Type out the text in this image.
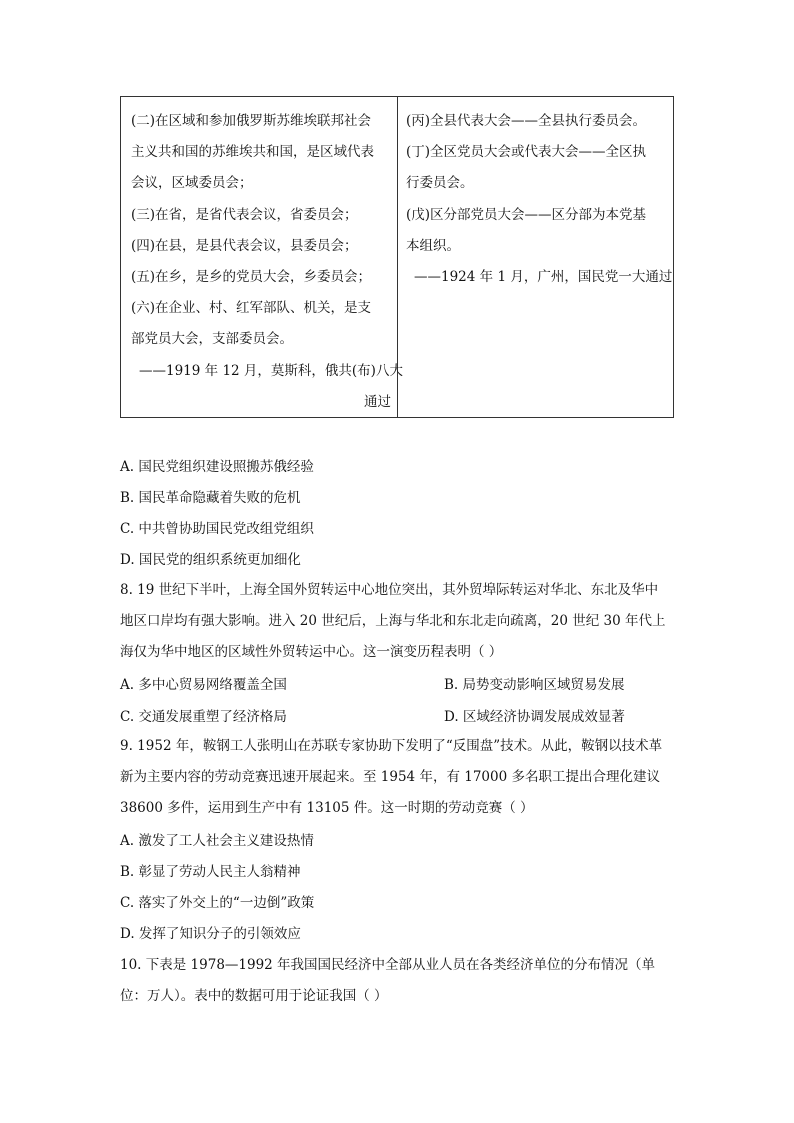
(二)在区域和参加俄罗斯苏维埃联邦社会
主义共和国的苏维埃共和国，是区域代表
会议，区域委员会；
(三)在省，是省代表会议，省委员会；
(四)在县，是县代表会议，县委员会；
(五)在乡，是乡的党员大会，乡委员会；
(六)在企业、村、红军部队、机关，是支
部党员大会，支部委员会。
——1919 年 12 月，莫斯科，俄共(布)八大
通过
(丙)全县代表大会——全县执行委员会。
(丁)全区党员大会或代表大会——全区执
行委员会。
(戊)区分部党员大会——区分部为本党基
本组织。
——1924 年 1 月，广州，国民党一大通过
A. 国民党组织建设照搬苏俄经验
B. 国民革命隐藏着失败的危机
C. 中共曾协助国民党改组党组织
D. 国民党的组织系统更加细化
8. 19 世纪下半叶，上海全国外贸转运中心地位突出，其外贸埠际转运对华北、东北及华中
地区口岸均有强大影响。进入 20 世纪后，上海与华北和东北走向疏离，20 世纪 30 年代上
海仅为华中地区的区域性外贸转运中心。这一演变历程表明（ ）
A. 多中心贸易网络覆盖全国	B. 局势变动影响区域贸易发展
C. 交通发展重塑了经济格局	D. 区域经济协调发展成效显著
9. 1952 年，鞍钢工人张明山在苏联专家协助下发明了“反围盘”技术。从此，鞍钢以技术革
新为主要内容的劳动竞赛迅速开展起来。至 1954 年，有 17000 多名职工提出合理化建议
38600 多件，运用到生产中有 13105 件。这一时期的劳动竞赛（ ）
A. 激发了工人社会主义建设热情
B. 彰显了劳动人民主人翁精神
C. 落实了外交上的“一边倒”政策
D. 发挥了知识分子的引领效应
10. 下表是 1978—1992 年我国国民经济中全部从业人员在各类经济单位的分布情况（单
位：万人）。表中的数据可用于论证我国（ ）
